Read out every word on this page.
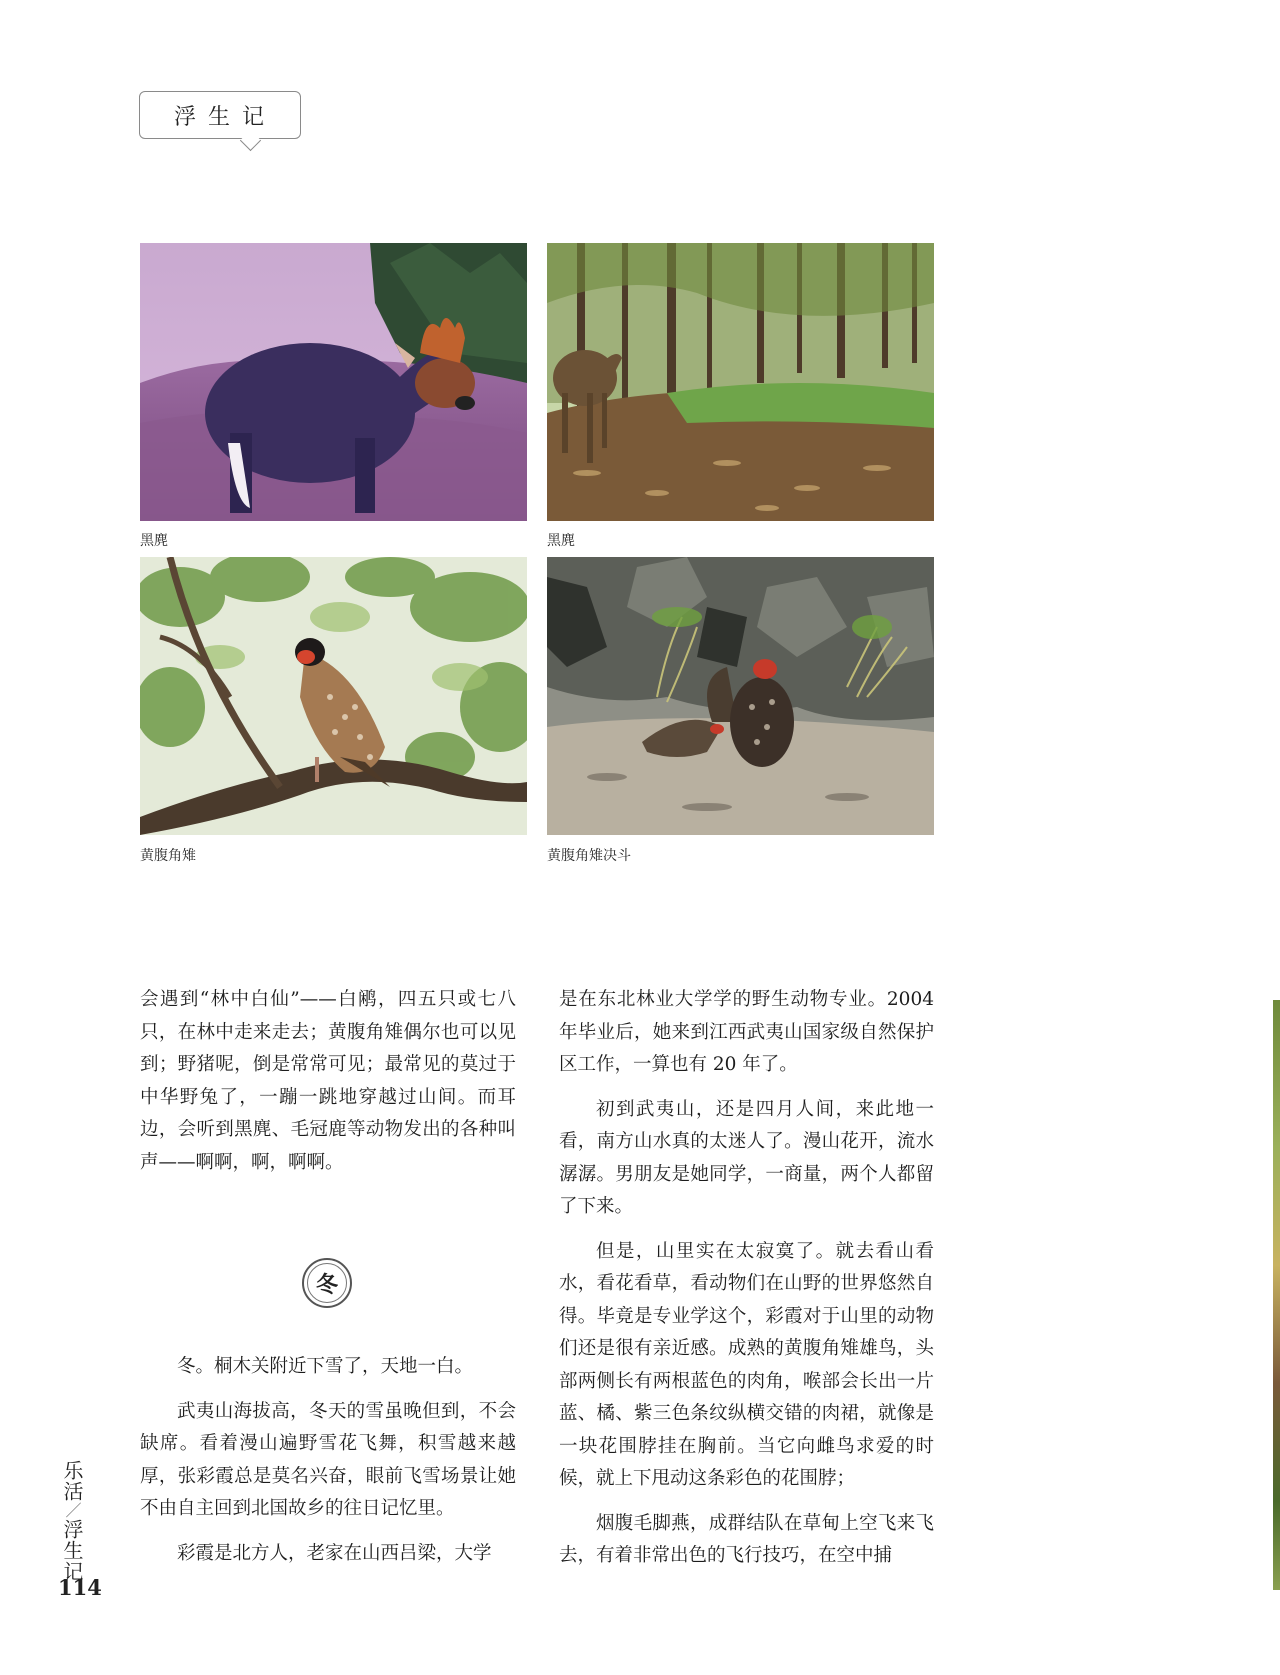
浮生记
黑麂	黑麂
黄腹角雉	黄腹角雉决斗

会遇到“林中白仙”——白鹇，四五只或七八只，在林中走来走去；黄腹角雉偶尔也可以见到；野猪呢，倒是常常可见；最常见的莫过于中华野兔了，一蹦一跳地穿越过山间。而耳边，会听到黑麂、毛冠鹿等动物发出的各种叫声——啊啊，啊，啊啊。

冬

冬。桐木关附近下雪了，天地一白。

武夷山海拔高，冬天的雪虽晚但到，不会缺席。看着漫山遍野雪花飞舞，积雪越来越厚，张彩霞总是莫名兴奋，眼前飞雪场景让她不由自主回到北国故乡的往日记忆里。

彩霞是北方人，老家在山西吕梁，大学

是在东北林业大学学的野生动物专业。2004年毕业后，她来到江西武夷山国家级自然保护区工作，一算也有 20 年了。

初到武夷山，还是四月人间，来此地一看，南方山水真的太迷人了。漫山花开，流水潺潺。男朋友是她同学，一商量，两个人都留了下来。

但是，山里实在太寂寞了。就去看山看水，看花看草，看动物们在山野的世界悠然自得。毕竟是专业学这个，彩霞对于山里的动物们还是很有亲近感。成熟的黄腹角雉雄鸟，头部两侧长有两根蓝色的肉角，喉部会长出一片蓝、橘、紫三色条纹纵横交错的肉裙，就像是一块花围脖挂在胸前。当它向雌鸟求爱的时候，就上下甩动这条彩色的花围脖；

烟腹毛脚燕，成群结队在草甸上空飞来飞去，有着非常出色的飞行技巧，在空中捕

乐活／浮生记
114
